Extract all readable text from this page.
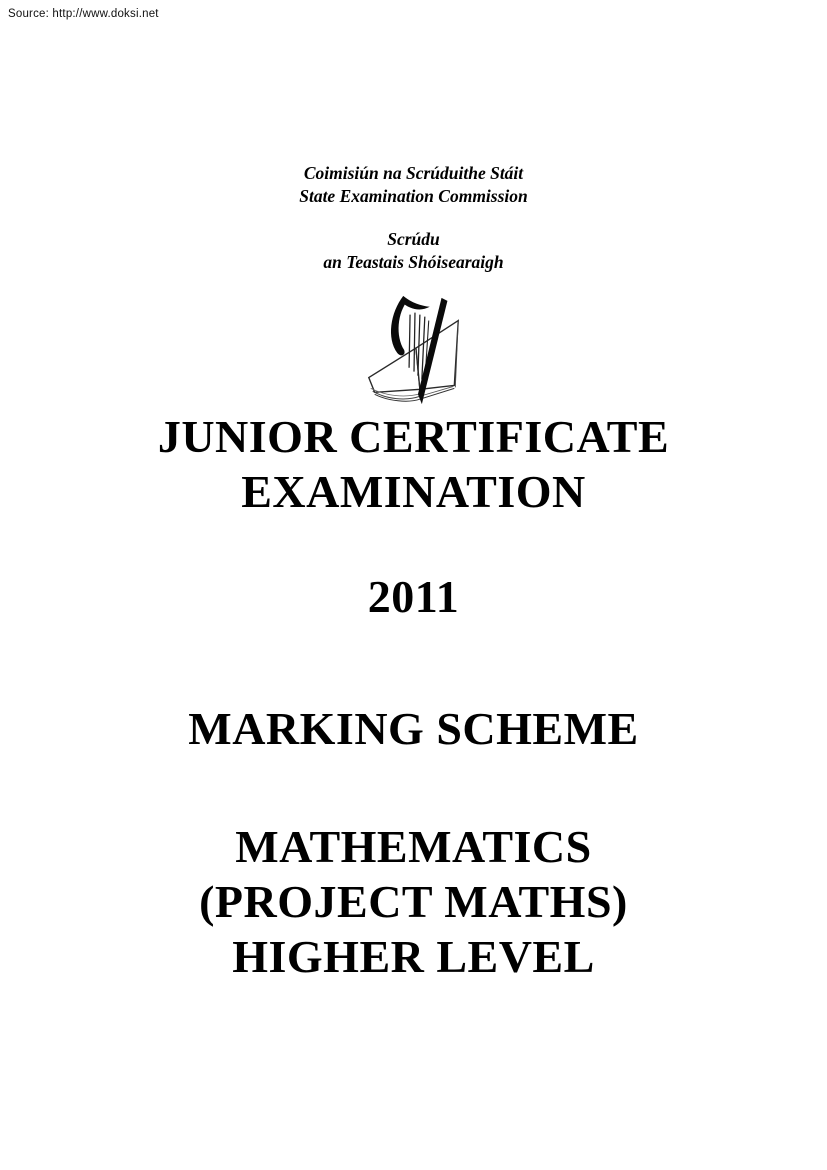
Source: http://www.doksi.net
Coimisiún na Scrúduithe Stáit
State Examination Commission
Scrúdu
an Teastais Shóisearaigh
JUNIOR CERTIFICATE
EXAMINATION
2011
MARKING SCHEME
MATHEMATICS
(PROJECT MATHS)
HIGHER LEVEL
